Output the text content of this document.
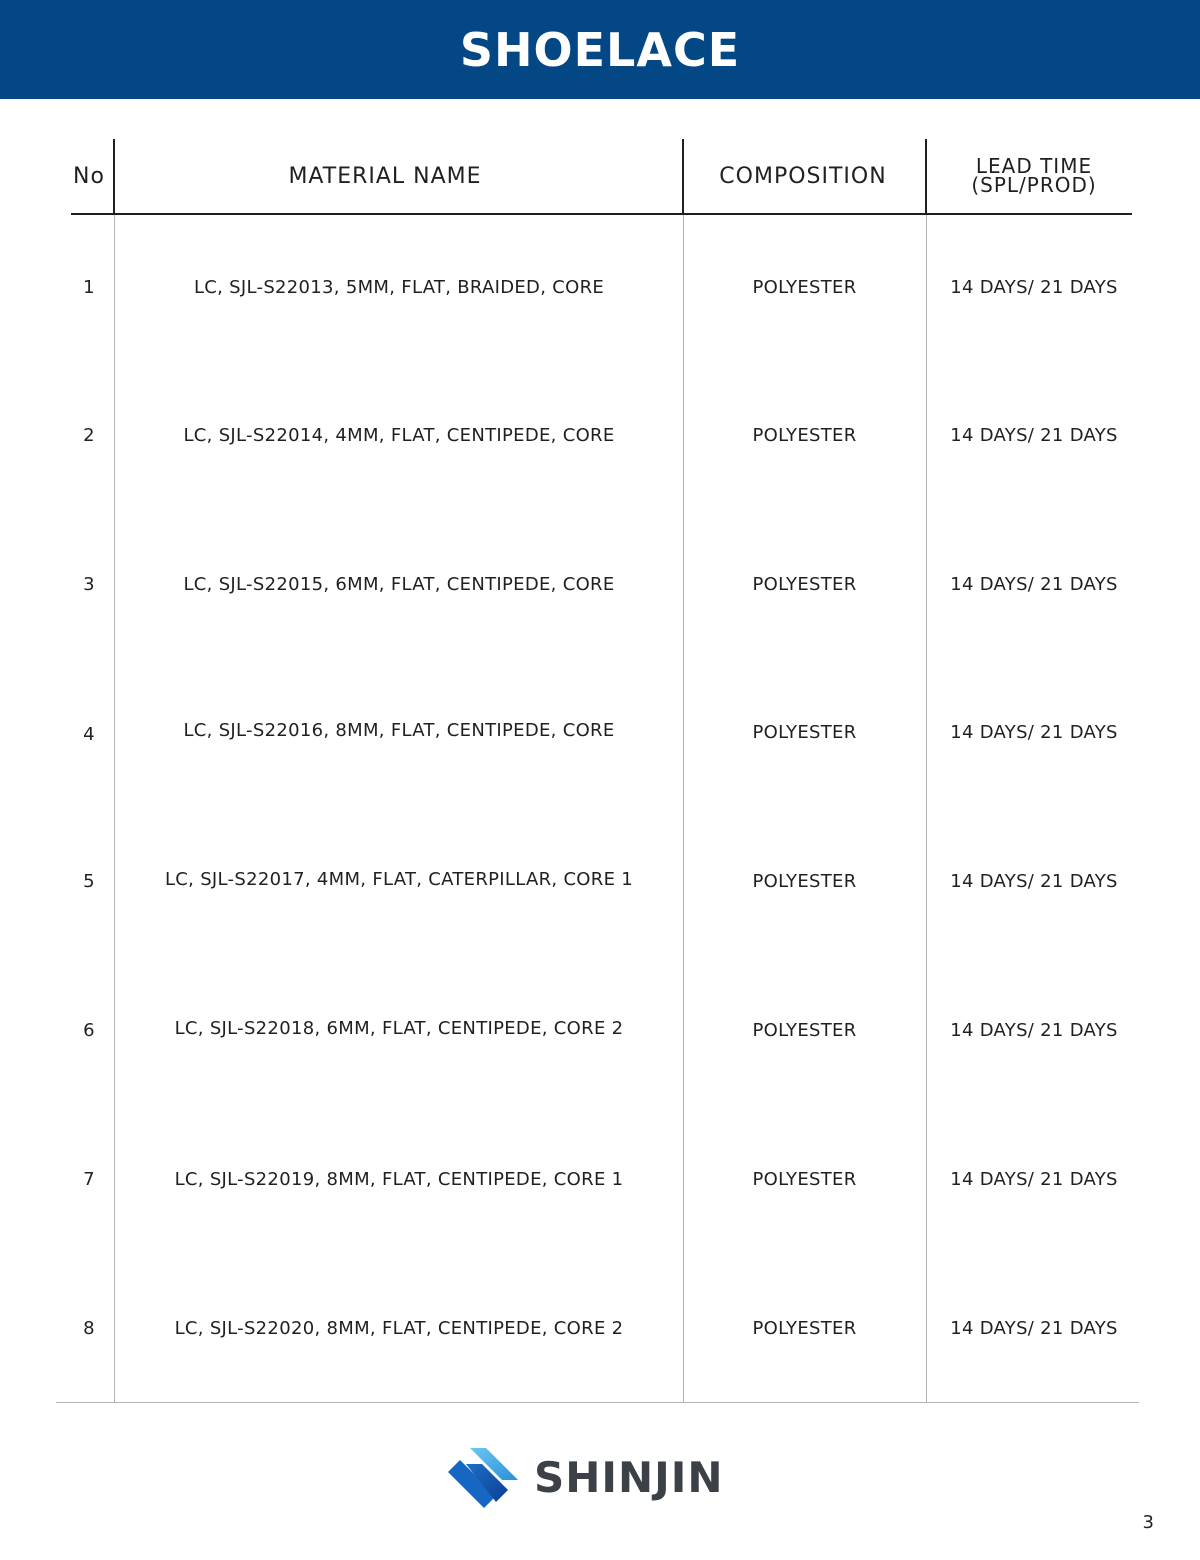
SHOELACE
No	MATERIAL NAME	COMPOSITION	LEAD TIME
(SPL/PROD)
1	LC, SJL-S22013, 5MM, FLAT, BRAIDED, CORE	POLYESTER	14 DAYS/ 21 DAYS
2	LC, SJL-S22014, 4MM, FLAT, CENTIPEDE, CORE	POLYESTER	14 DAYS/ 21 DAYS
3	LC, SJL-S22015, 6MM, FLAT, CENTIPEDE, CORE	POLYESTER	14 DAYS/ 21 DAYS
4	LC, SJL-S22016, 8MM, FLAT, CENTIPEDE, CORE	POLYESTER	14 DAYS/ 21 DAYS
5	LC, SJL-S22017, 4MM, FLAT, CATERPILLAR, CORE 1	POLYESTER	14 DAYS/ 21 DAYS
6	LC, SJL-S22018, 6MM, FLAT, CENTIPEDE, CORE 2	POLYESTER	14 DAYS/ 21 DAYS
7	LC, SJL-S22019, 8MM, FLAT, CENTIPEDE, CORE 1	POLYESTER	14 DAYS/ 21 DAYS
8	LC, SJL-S22020, 8MM, FLAT, CENTIPEDE, CORE 2	POLYESTER	14 DAYS/ 21 DAYS
SHINJIN
3
